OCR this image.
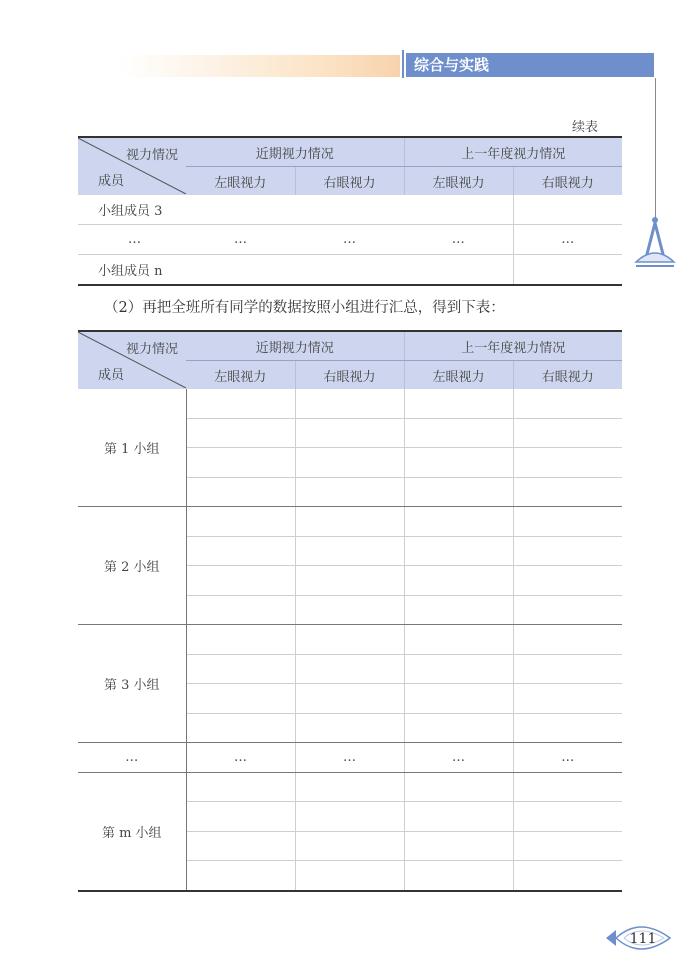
综合与实践
续表
视力情况
成员	近期视力情况		上一年度视力情况	
	左眼视力	右眼视力	左眼视力	右眼视力
小组成员 3				
…	…	…	…	…
小组成员 n				
（2）再把全班所有同学的数据按照小组进行汇总，得到下表：
视力情况
成员	近期视力情况		上一年度视力情况	
	左眼视力	右眼视力	左眼视力	右眼视力
第 1 小组				

第 2 小组				

第 3 小组				

…	…	…	…	…
第 m 小组				

111
